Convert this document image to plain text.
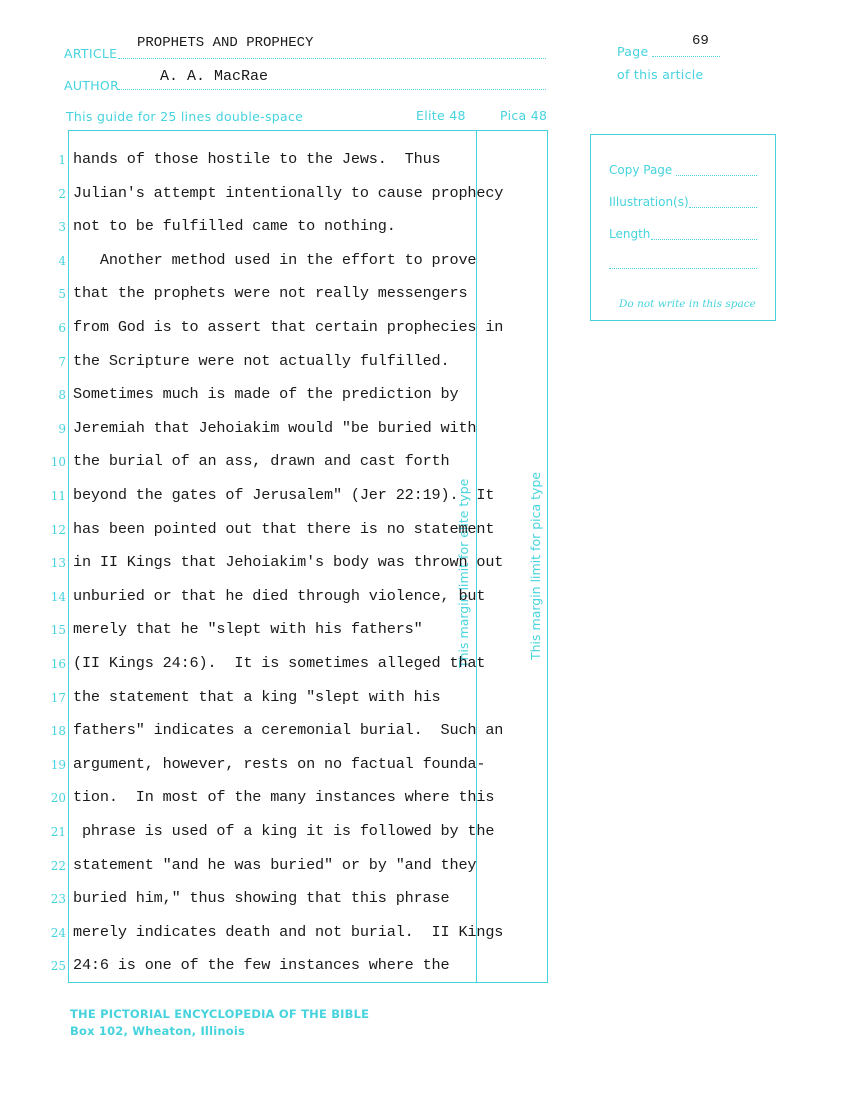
ARTICLE
PROPHETS AND PROPHECY
AUTHOR
A. A. MacRae
Page
69
of this article
This guide for 25 lines double-space	Elite 48	Pica 48
This margin limit for elite type	This margin limit for pica type
1 hands of those hostile to the Jews.  Thus
2 Julian's attempt intentionally to cause prophecy
3 not to be fulfilled came to nothing.
4 Another method used in the effort to prove
5 that the prophets were not really messengers
6 from God is to assert that certain prophecies in
7 the Scripture were not actually fulfilled.
8 Sometimes much is made of the prediction by
9 Jeremiah that Jehoiakim would "be buried with
10 the burial of an ass, drawn and cast forth
11 beyond the gates of Jerusalem" (Jer 22:19).  It
12 has been pointed out that there is no statement
13 in II Kings that Jehoiakim's body was thrown out
14 unburied or that he died through violence, but
15 merely that he "slept with his fathers"
16 (II Kings 24:6).  It is sometimes alleged that
17 the statement that a king "slept with his
18 fathers" indicates a ceremonial burial.  Such an
19 argument, however, rests on no factual founda-
20 tion.  In most of the many instances where this
21 phrase is used of a king it is followed by the
22 statement "and he was buried" or by "and they
23 buried him," thus showing that this phrase
24 merely indicates death and not burial.  II Kings
25 24:6 is one of the few instances where the
Copy Page
Illustration(s)
Length
Do not write in this space
THE PICTORIAL ENCYCLOPEDIA OF THE BIBLE
Box 102, Wheaton, Illinois
